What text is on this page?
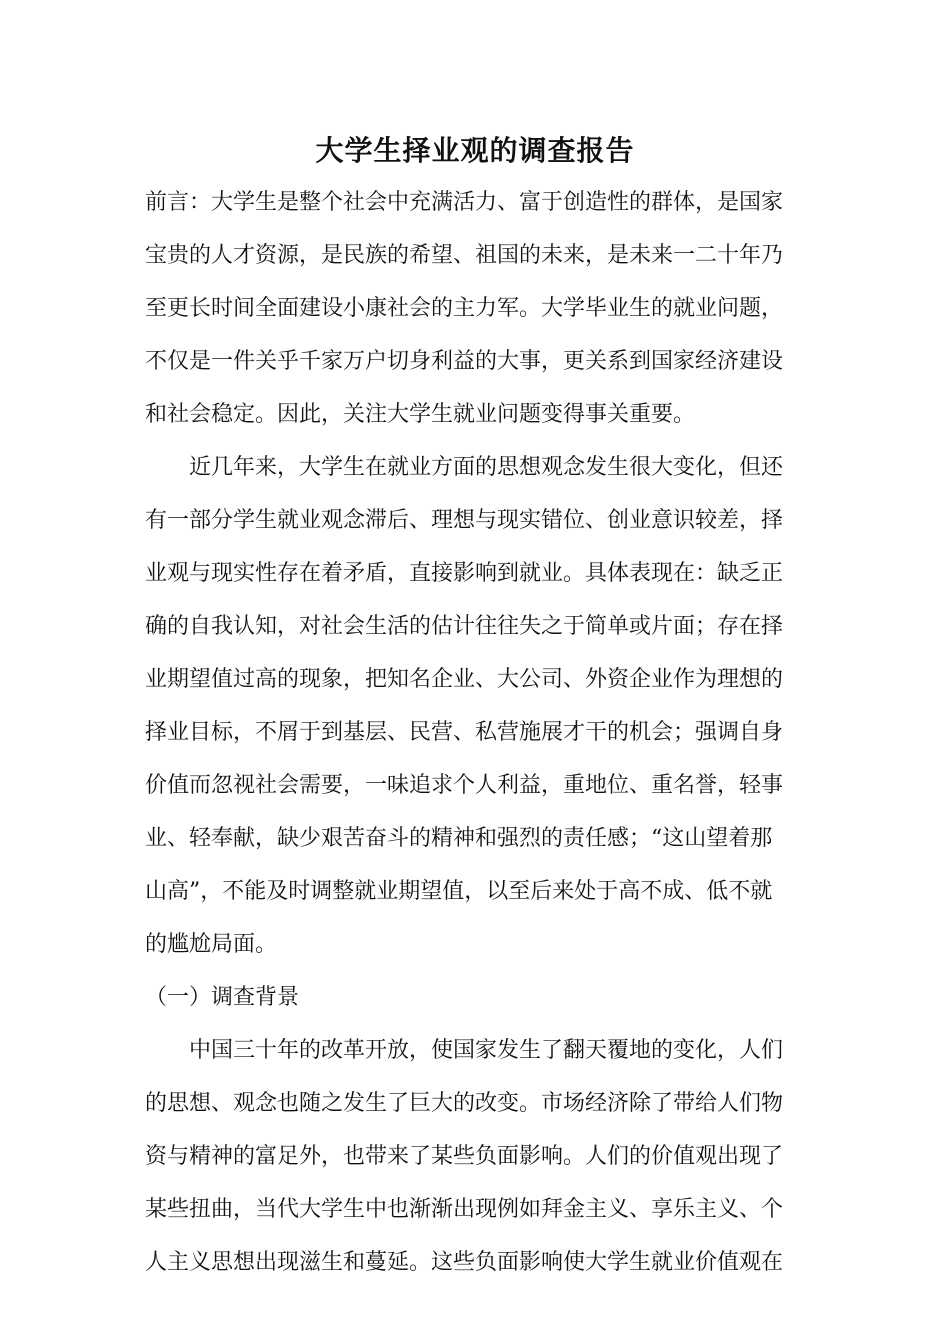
大学生择业观的调查报告
前言：大学生是整个社会中充满活力、富于创造性的群体，是国家
宝贵的人才资源，是民族的希望、祖国的未来，是未来一二十年乃
至更长时间全面建设小康社会的主力军。大学毕业生的就业问题，
不仅是一件关乎千家万户切身利益的大事，更关系到国家经济建设
和社会稳定。因此，关注大学生就业问题变得事关重要。
近几年来，大学生在就业方面的思想观念发生很大变化，但还
有一部分学生就业观念滞后、理想与现实错位、创业意识较差，择
业观与现实性存在着矛盾，直接影响到就业。具体表现在：缺乏正
确的自我认知，对社会生活的估计往往失之于简单或片面；存在择
业期望值过高的现象，把知名企业、大公司、外资企业作为理想的
择业目标，不屑于到基层、民营、私营施展才干的机会；强调自身
价值而忽视社会需要，一味追求个人利益，重地位、重名誉，轻事
业、轻奉献，缺少艰苦奋斗的精神和强烈的责任感；“这山望着那
山高”，不能及时调整就业期望值，以至后来处于高不成、低不就
的尴尬局面。
（一）调查背景
中国三十年的改革开放，使国家发生了翻天覆地的变化，人们
的思想、观念也随之发生了巨大的改变。市场经济除了带给人们物
资与精神的富足外，也带来了某些负面影响。人们的价值观出现了
某些扭曲，当代大学生中也渐渐出现例如拜金主义、享乐主义、个
人主义思想出现滋生和蔓延。这些负面影响使大学生就业价值观在
